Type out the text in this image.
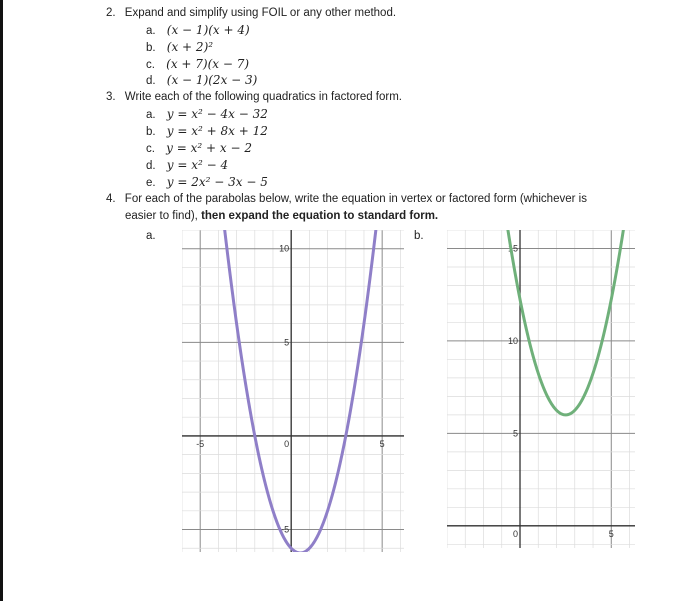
2. Expand and simplify using FOIL or any other method.
a. (x − 1)(x + 4)
b. (x + 2)²
c. (x + 7)(x − 7)
d. (x − 1)(2x − 3)
3. Write each of the following quadratics in factored form.
a. y = x² − 4x − 32
b. y = x² + 8x + 12
c. y = x² + x − 2
d. y = x² − 4
e. y = 2x² − 3x − 5
4. For each of the parabolas below, write the equation in vertex or factored form (whichever is
easier to find), then expand the equation to standard form.
a.	b.
10
5
-5
-5	5
0
15
10
5
5
0
